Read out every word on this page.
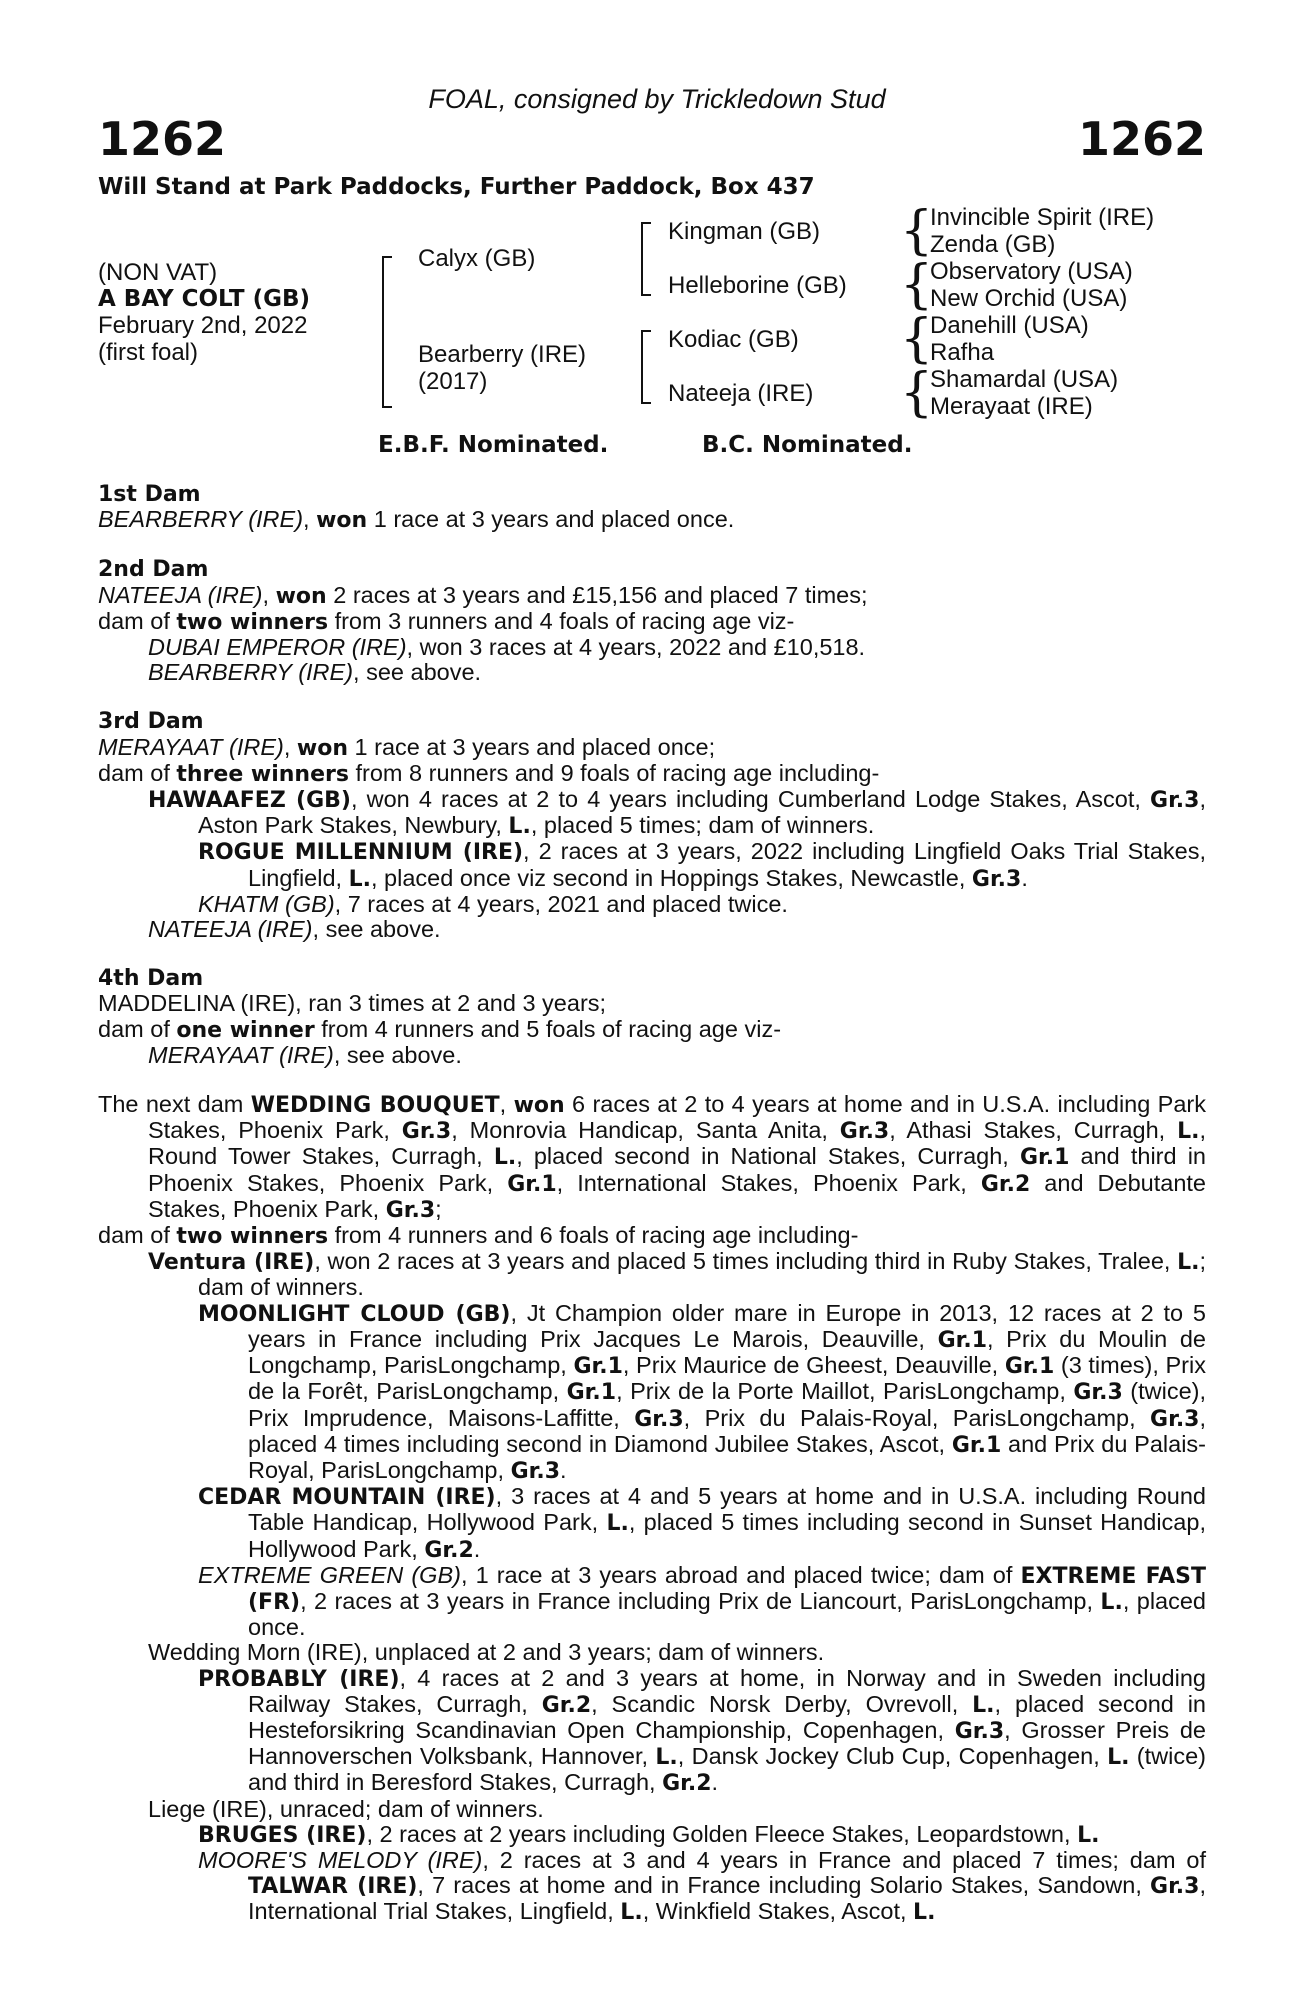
FOAL, consigned by Trickledown Stud
1262	1262
Will Stand at Park Paddocks, Further Paddock, Box 437
(NON VAT)
A BAY COLT (GB)
February 2nd, 2022
(first foal)
Calyx (GB)
Bearberry (IRE)
(2017)
Kingman (GB)
Helleborine (GB)
Kodiac (GB)
Nateeja (IRE)
{
{
{
{
Invincible Spirit (IRE)
Zenda (GB)
Observatory (USA)
New Orchid (USA)
Danehill (USA)
Rafha
Shamardal (USA)
Merayaat (IRE)
E.B.F. Nominated.	B.C. Nominated.
1st Dam
BEARBERRY (IRE), won 1 race at 3 years and placed once.
2nd Dam
NATEEJA (IRE), won 2 races at 3 years and £15,156 and placed 7 times;
dam of two winners from 3 runners and 4 foals of racing age viz-
DUBAI EMPEROR (IRE), won 3 races at 4 years, 2022 and £10,518.
BEARBERRY (IRE), see above.
3rd Dam
MERAYAAT (IRE), won 1 race at 3 years and placed once;
dam of three winners from 8 runners and 9 foals of racing age including-
HAWAAFEZ (GB), won 4 races at 2 to 4 years including Cumberland Lodge Stakes, Ascot, Gr.3, Aston Park Stakes, Newbury, L., placed 5 times; dam of winners.
ROGUE MILLENNIUM (IRE), 2 races at 3 years, 2022 including Lingfield Oaks Trial Stakes, Lingfield, L., placed once viz second in Hoppings Stakes, Newcastle, Gr.3.
KHATM (GB), 7 races at 4 years, 2021 and placed twice.
NATEEJA (IRE), see above.
4th Dam
MADDELINA (IRE), ran 3 times at 2 and 3 years;
dam of one winner from 4 runners and 5 foals of racing age viz-
MERAYAAT (IRE), see above.
The next dam WEDDING BOUQUET, won 6 races at 2 to 4 years at home and in U.S.A. including Park Stakes, Phoenix Park, Gr.3, Monrovia Handicap, Santa Anita, Gr.3, Athasi Stakes, Curragh, L., Round Tower Stakes, Curragh, L., placed second in National Stakes, Curragh, Gr.1 and third in Phoenix Stakes, Phoenix Park, Gr.1, International Stakes, Phoenix Park, Gr.2 and Debutante Stakes, Phoenix Park, Gr.3;
dam of two winners from 4 runners and 6 foals of racing age including-
Ventura (IRE), won 2 races at 3 years and placed 5 times including third in Ruby Stakes, Tralee, L.; dam of winners.
MOONLIGHT CLOUD (GB), Jt Champion older mare in Europe in 2013, 12 races at 2 to 5 years in France including Prix Jacques Le Marois, Deauville, Gr.1, Prix du Moulin de Longchamp, ParisLongchamp, Gr.1, Prix Maurice de Gheest, Deauville, Gr.1 (3 times), Prix de la Forêt, ParisLongchamp, Gr.1, Prix de la Porte Maillot, ParisLongchamp, Gr.3 (twice), Prix Imprudence, Maisons-Laffitte, Gr.3, Prix du Palais-Royal, ParisLongchamp, Gr.3, placed 4 times including second in Diamond Jubilee Stakes, Ascot, Gr.1 and Prix du Palais-Royal, ParisLongchamp, Gr.3.
CEDAR MOUNTAIN (IRE), 3 races at 4 and 5 years at home and in U.S.A. including Round Table Handicap, Hollywood Park, L., placed 5 times including second in Sunset Handicap, Hollywood Park, Gr.2.
EXTREME GREEN (GB), 1 race at 3 years abroad and placed twice; dam of EXTREME FAST (FR), 2 races at 3 years in France including Prix de Liancourt, ParisLongchamp, L., placed once.
Wedding Morn (IRE), unplaced at 2 and 3 years; dam of winners.
PROBABLY (IRE), 4 races at 2 and 3 years at home, in Norway and in Sweden including Railway Stakes, Curragh, Gr.2, Scandic Norsk Derby, Ovrevoll, L., placed second in Hesteforsikring Scandinavian Open Championship, Copenhagen, Gr.3, Grosser Preis de Hannoverschen Volksbank, Hannover, L., Dansk Jockey Club Cup, Copenhagen, L. (twice) and third in Beresford Stakes, Curragh, Gr.2.
Liege (IRE), unraced; dam of winners.
BRUGES (IRE), 2 races at 2 years including Golden Fleece Stakes, Leopardstown, L.
MOORE'S MELODY (IRE), 2 races at 3 and 4 years in France and placed 7 times; dam of TALWAR (IRE), 7 races at home and in France including Solario Stakes, Sandown, Gr.3, International Trial Stakes, Lingfield, L., Winkfield Stakes, Ascot, L.
